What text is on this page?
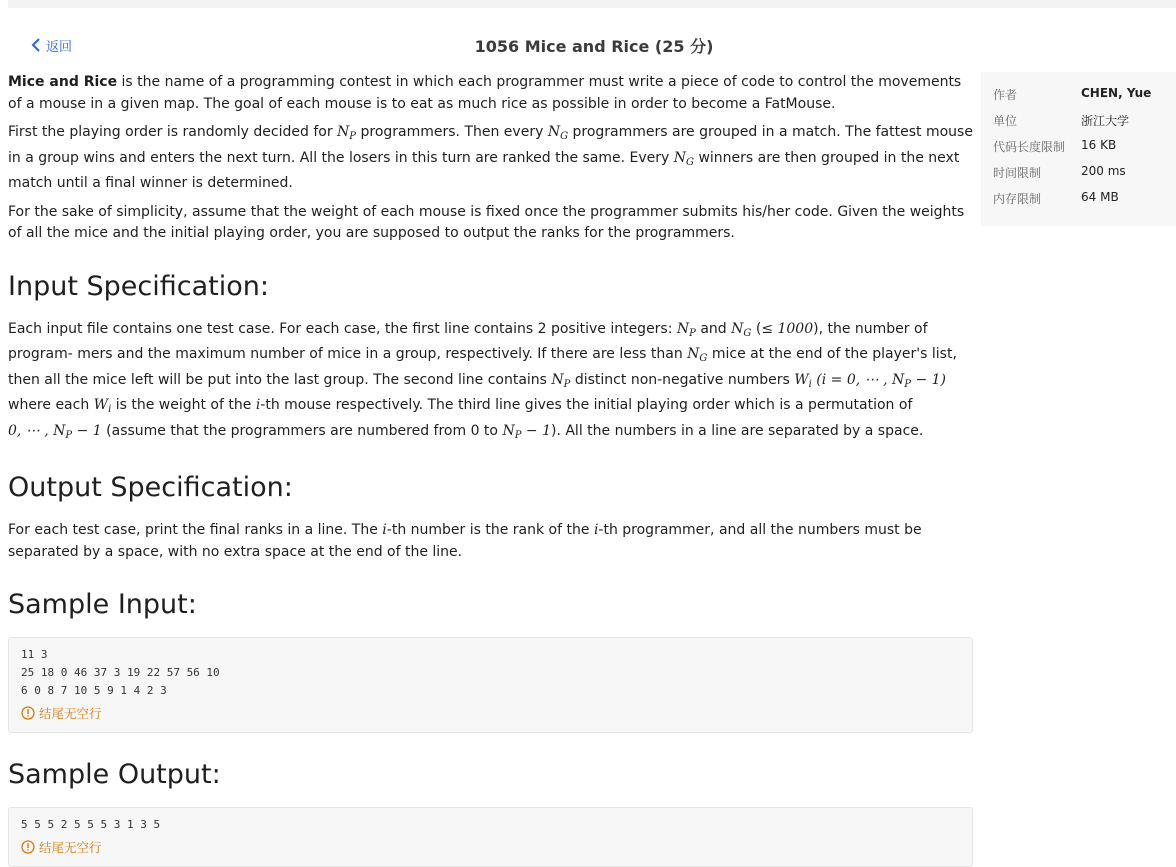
返回	1056 Mice and Rice (25 分)

Mice and Rice is the name of a programming contest in which each programmer must write a piece of code to control the movements of a mouse in a given map. The goal of each mouse is to eat as much rice as possible in order to become a FatMouse.

First the playing order is randomly decided for $N_P$ programmers. Then every $N_G$ programmers are grouped in a match. The fattest mouse in a group wins and enters the next turn. All the losers in this turn are ranked the same. Every $N_G$ winners are then grouped in the next match until a final winner is determined.

For the sake of simplicity, assume that the weight of each mouse is fixed once the programmer submits his/her code. Given the weights of all the mice and the initial playing order, you are supposed to output the ranks for the programmers.

Input Specification:

Each input file contains one test case. For each case, the first line contains 2 positive integers: $N_P$ and $N_G$ (≤ 1000), the number of program- mers and the maximum number of mice in a group, respectively. If there are less than $N_G$ mice at the end of the player's list, then all the mice left will be put into the last group. The second line contains $N_P$ distinct non-negative numbers $W_i$ (i = 0, ⋯ , $N_P - 1$) where each $W_i$ is the weight of the i-th mouse respectively. The third line gives the initial playing order which is a permutation of 0, ⋯ , $N_P - 1$ (assume that the programmers are numbered from 0 to $N_P - 1$). All the numbers in a line are separated by a space.

Output Specification:

For each test case, print the final ranks in a line. The i-th number is the rank of the i-th programmer, and all the numbers must be separated by a space, with no extra space at the end of the line.

Sample Input:
11 3
25 18 0 46 37 3 19 22 57 56 10
6 0 8 7 10 5 9 1 4 2 3
结尾无空行
Sample Output:
5 5 5 2 5 5 5 3 1 3 5
结尾无空行
作者	CHEN, Yue
单位	浙江大学
代码长度限制	16 KB
时间限制	200 ms
内存限制	64 MB
